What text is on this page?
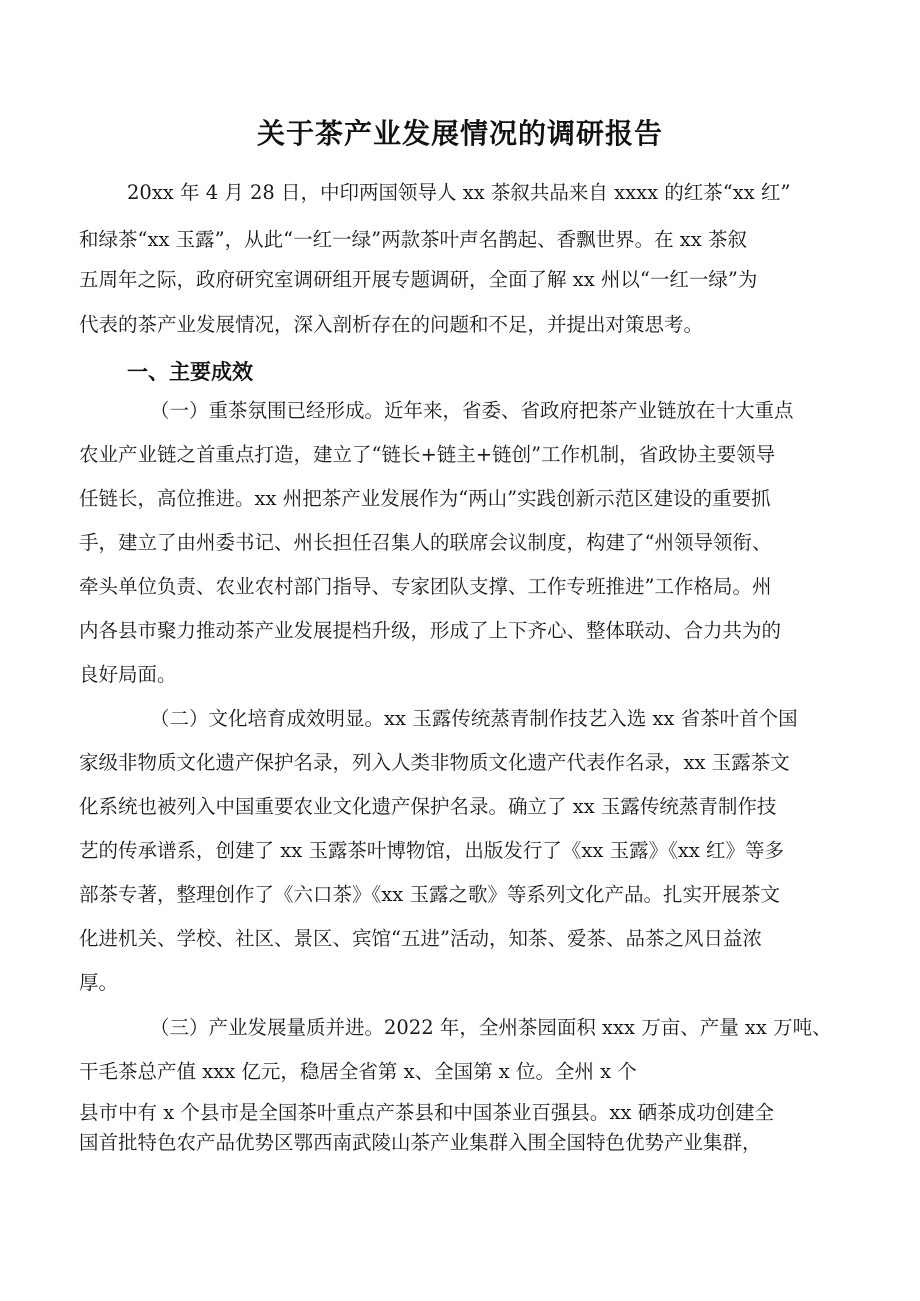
关于茶产业发展情况的调研报告
20xx 年 4 月 28 日，中印两国领导人 xx 茶叙共品来自 xxxx 的红茶“xx 红”
和绿茶“xx 玉露”，从此“一红一绿”两款茶叶声名鹊起、香飘世界。在 xx 茶叙
五周年之际，政府研究室调研组开展专题调研，全面了解 xx 州以“一红一绿”为
代表的茶产业发展情况，深入剖析存在的问题和不足，并提出对策思考。
一、主要成效
（一）重茶氛围已经形成。近年来，省委、省政府把茶产业链放在十大重点
农业产业链之首重点打造，建立了“链长+链主+链创”工作机制，省政协主要领导
任链长，高位推进。xx 州把茶产业发展作为“两山”实践创新示范区建设的重要抓
手，建立了由州委书记、州长担任召集人的联席会议制度，构建了“州领导领衔、
牵头单位负责、农业农村部门指导、专家团队支撑、工作专班推进”工作格局。州
内各县市聚力推动茶产业发展提档升级，形成了上下齐心、整体联动、合力共为的
良好局面。
（二）文化培育成效明显。xx 玉露传统蒸青制作技艺入选 xx 省茶叶首个国
家级非物质文化遗产保护名录，列入人类非物质文化遗产代表作名录，xx 玉露茶文
化系统也被列入中国重要农业文化遗产保护名录。确立了 xx 玉露传统蒸青制作技
艺的传承谱系，创建了 xx 玉露茶叶博物馆，出版发行了《xx 玉露》《xx 红》等多
部茶专著，整理创作了《六口茶》《xx 玉露之歌》等系列文化产品。扎实开展茶文
化进机关、学校、社区、景区、宾馆“五进”活动，知茶、爱茶、品茶之风日益浓
厚。
（三）产业发展量质并进。2022 年，全州茶园面积 xxx 万亩、产量 xx 万吨、
干毛茶总产值 xxx 亿元，稳居全省第 x、全国第 x 位。全州 x 个
县市中有 x 个县市是全国茶叶重点产茶县和中国茶业百强县。xx 硒茶成功创建全
国首批特色农产品优势区鄂西南武陵山茶产业集群入围全国特色优势产业集群，
